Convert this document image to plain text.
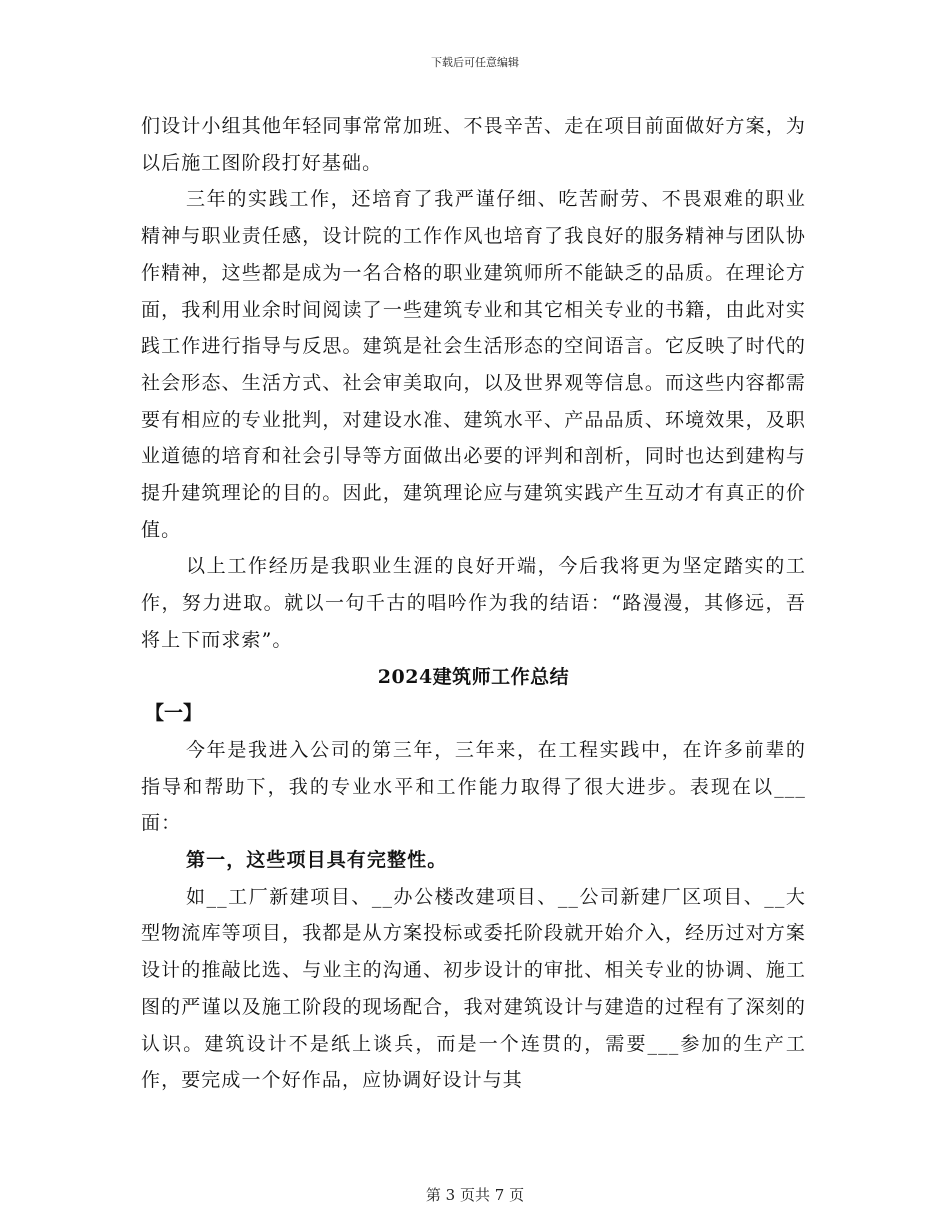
下载后可任意编辑

们设计小组其他年轻同事常常加班、不畏辛苦、走在项目前面做好方案，为以后施工图阶段打好基础。

三年的实践工作，还培育了我严谨仔细、吃苦耐劳、不畏艰难的职业精神与职业责任感，设计院的工作作风也培育了我良好的服务精神与团队协作精神，这些都是成为一名合格的职业建筑师所不能缺乏的品质。在理论方面，我利用业余时间阅读了一些建筑专业和其它相关专业的书籍，由此对实践工作进行指导与反思。建筑是社会生活形态的空间语言。它反映了时代的社会形态、生活方式、社会审美取向，以及世界观等信息。而这些内容都需要有相应的专业批判，对建设水准、建筑水平、产品品质、环境效果，及职业道德的培育和社会引导等方面做出必要的评判和剖析，同时也达到建构与提升建筑理论的目的。因此，建筑理论应与建筑实践产生互动才有真正的价值。

以上工作经历是我职业生涯的良好开端，今后我将更为坚定踏实的工作，努力进取。就以一句千古的唱吟作为我的结语：“路漫漫，其修远，吾将上下而求索”。

2024建筑师工作总结

【一】

今年是我进入公司的第三年，三年来，在工程实践中，在许多前辈的指导和帮助下，我的专业水平和工作能力取得了很大进步。表现在以___面：

第一，这些项目具有完整性。

如__工厂新建项目、__办公楼改建项目、__公司新建厂区项目、__大型物流库等项目，我都是从方案投标或委托阶段就开始介入，经历过对方案设计的推敲比选、与业主的沟通、初步设计的审批、相关专业的协调、施工图的严谨以及施工阶段的现场配合，我对建筑设计与建造的过程有了深刻的认识。建筑设计不是纸上谈兵，而是一个连贯的，需要___参加的生产工作，要完成一个好作品，应协调好设计与其

第 3 页共 7 页
